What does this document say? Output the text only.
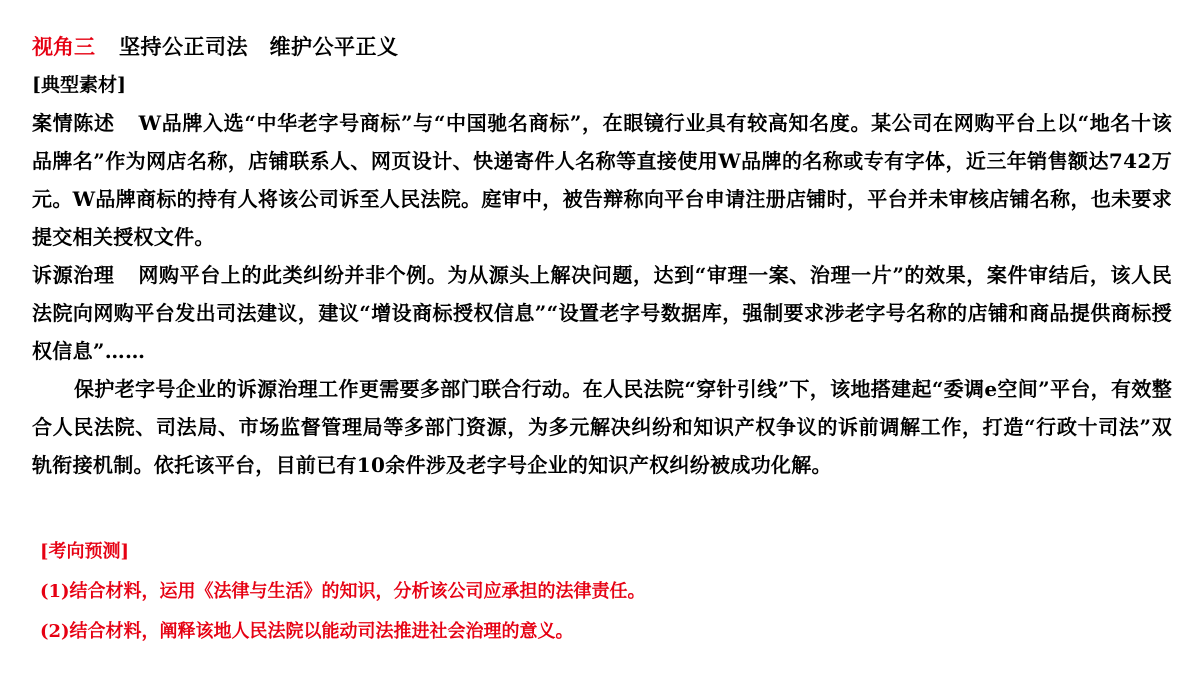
视角三 坚持公正司法　维护公平正义
[典型素材]

案情陈述 W品牌入选“中华老字号商标”与“中国驰名商标”，在眼镜行业具有较高知名度。某公司在网购平台上以“地名十该品牌名”作为网店名称，店铺联系人、网页设计、快递寄件人名称等直接使用W品牌的名称或专有字体，近三年销售额达742万元。W品牌商标的持有人将该公司诉至人民法院。庭审中，被告辩称向平台申请注册店铺时，平台并未审核店铺名称，也未要求提交相关授权文件。

诉源治理 网购平台上的此类纠纷并非个例。为从源头上解决问题，达到“审理一案、治理一片”的效果，案件审结后，该人民法院向网购平台发出司法建议，建议“增设商标授权信息”“设置老字号数据库，强制要求涉老字号名称的店铺和商品提供商标授权信息”……

保护老字号企业的诉源治理工作更需要多部门联合行动。在人民法院“穿针引线”下，该地搭建起“委调e空间”平台，有效整合人民法院、司法局、市场监督管理局等多部门资源，为多元解决纠纷和知识产权争议的诉前调解工作，打造“行政十司法”双轨衔接机制。依托该平台，目前已有10余件涉及老字号企业的知识产权纠纷被成功化解。

[考向预测]
(1)结合材料，运用《法律与生活》的知识，分析该公司应承担的法律责任。
(2)结合材料，阐释该地人民法院以能动司法推进社会治理的意义。
